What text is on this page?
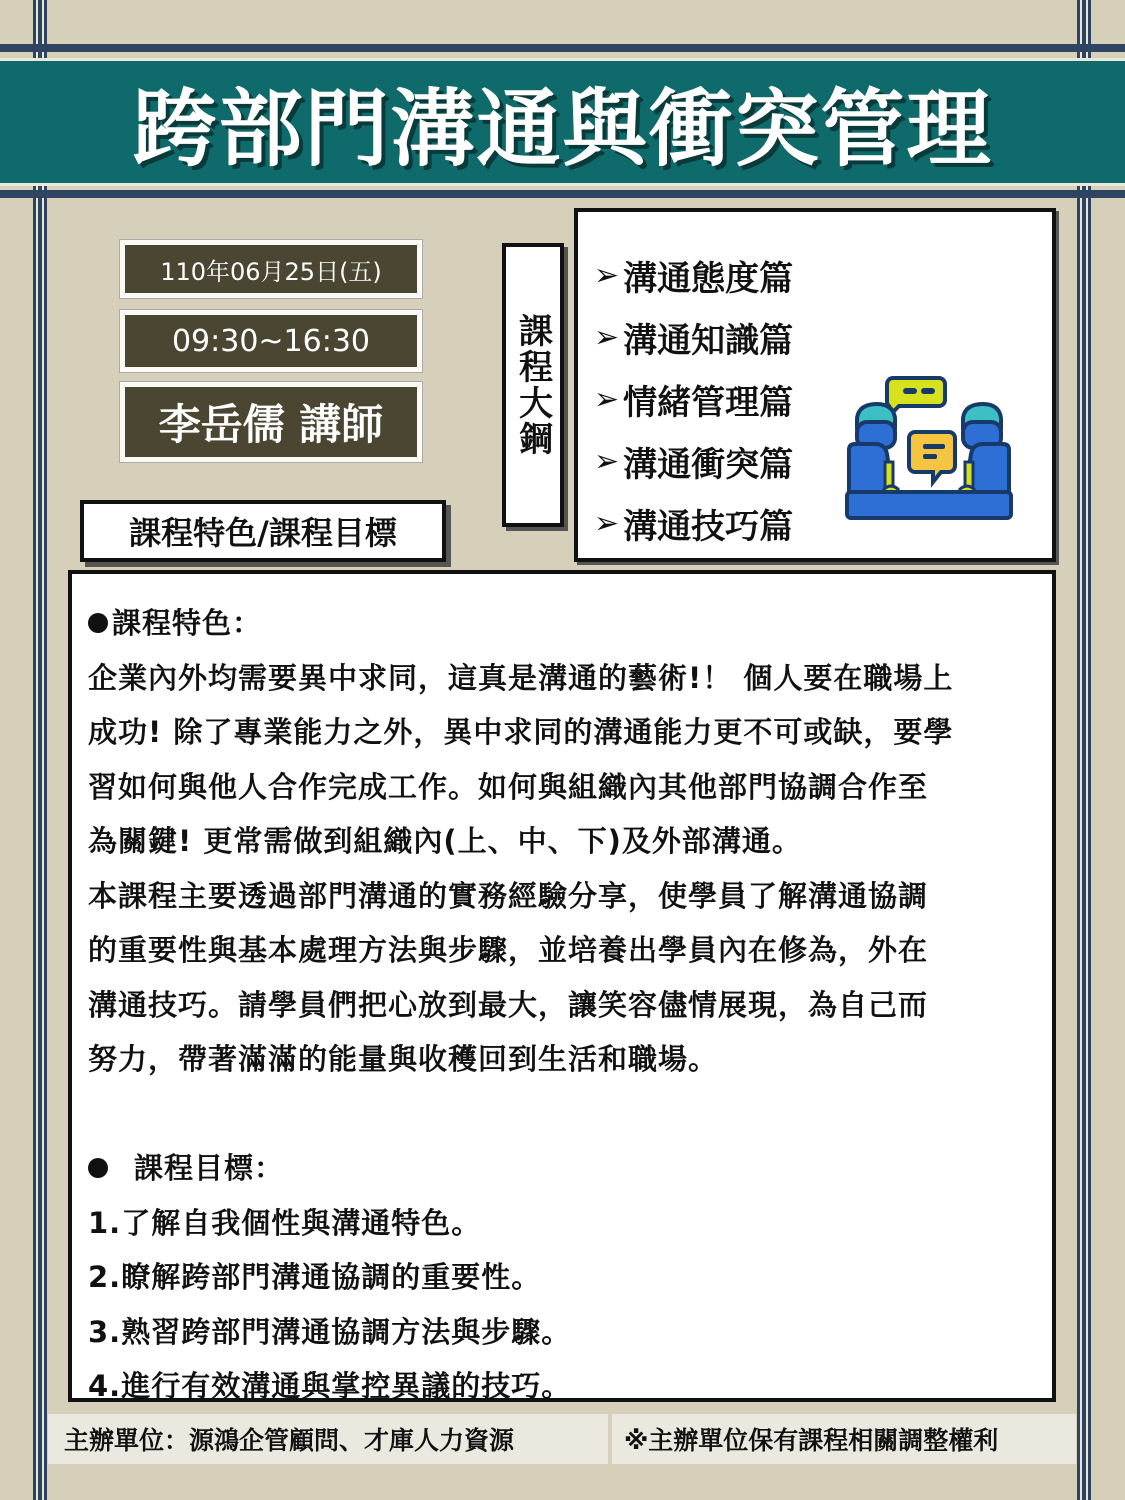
跨部門溝通與衝突管理
110年06月25日(五)
09:30~16:30
李岳儒 講師
課程特色/課程目標
課程大鋼
➢ 溝通態度篇
➢ 溝通知識篇
➢ 情緒管理篇
➢ 溝通衝突篇
➢ 溝通技巧篇

課程特色：

企業內外均需要異中求同，這真是溝通的藝術!！ 個人要在職場上

成功! 除了專業能力之外，異中求同的溝通能力更不可或缺，要學

習如何與他人合作完成工作。如何與組織內其他部門協調合作至

為關鍵! 更常需做到組織內(上、中、下)及外部溝通。

本課程主要透過部門溝通的實務經驗分享，使學員了解溝通協調

的重要性與基本處理方法與步驟，並培養出學員內在修為，外在

溝通技巧。請學員們把心放到最大，讓笑容儘情展現，為自己而

努力，帶著滿滿的能量與收穫回到生活和職場。

課程目標：

1.了解自我個性與溝通特色。

2.瞭解跨部門溝通協調的重要性。

3.熟習跨部門溝通協調方法與步驟。

4.進行有效溝通與掌控異議的技巧。

主辦單位：源鴻企管顧問、才庫人力資源	※主辦單位保有課程相關調整權利
